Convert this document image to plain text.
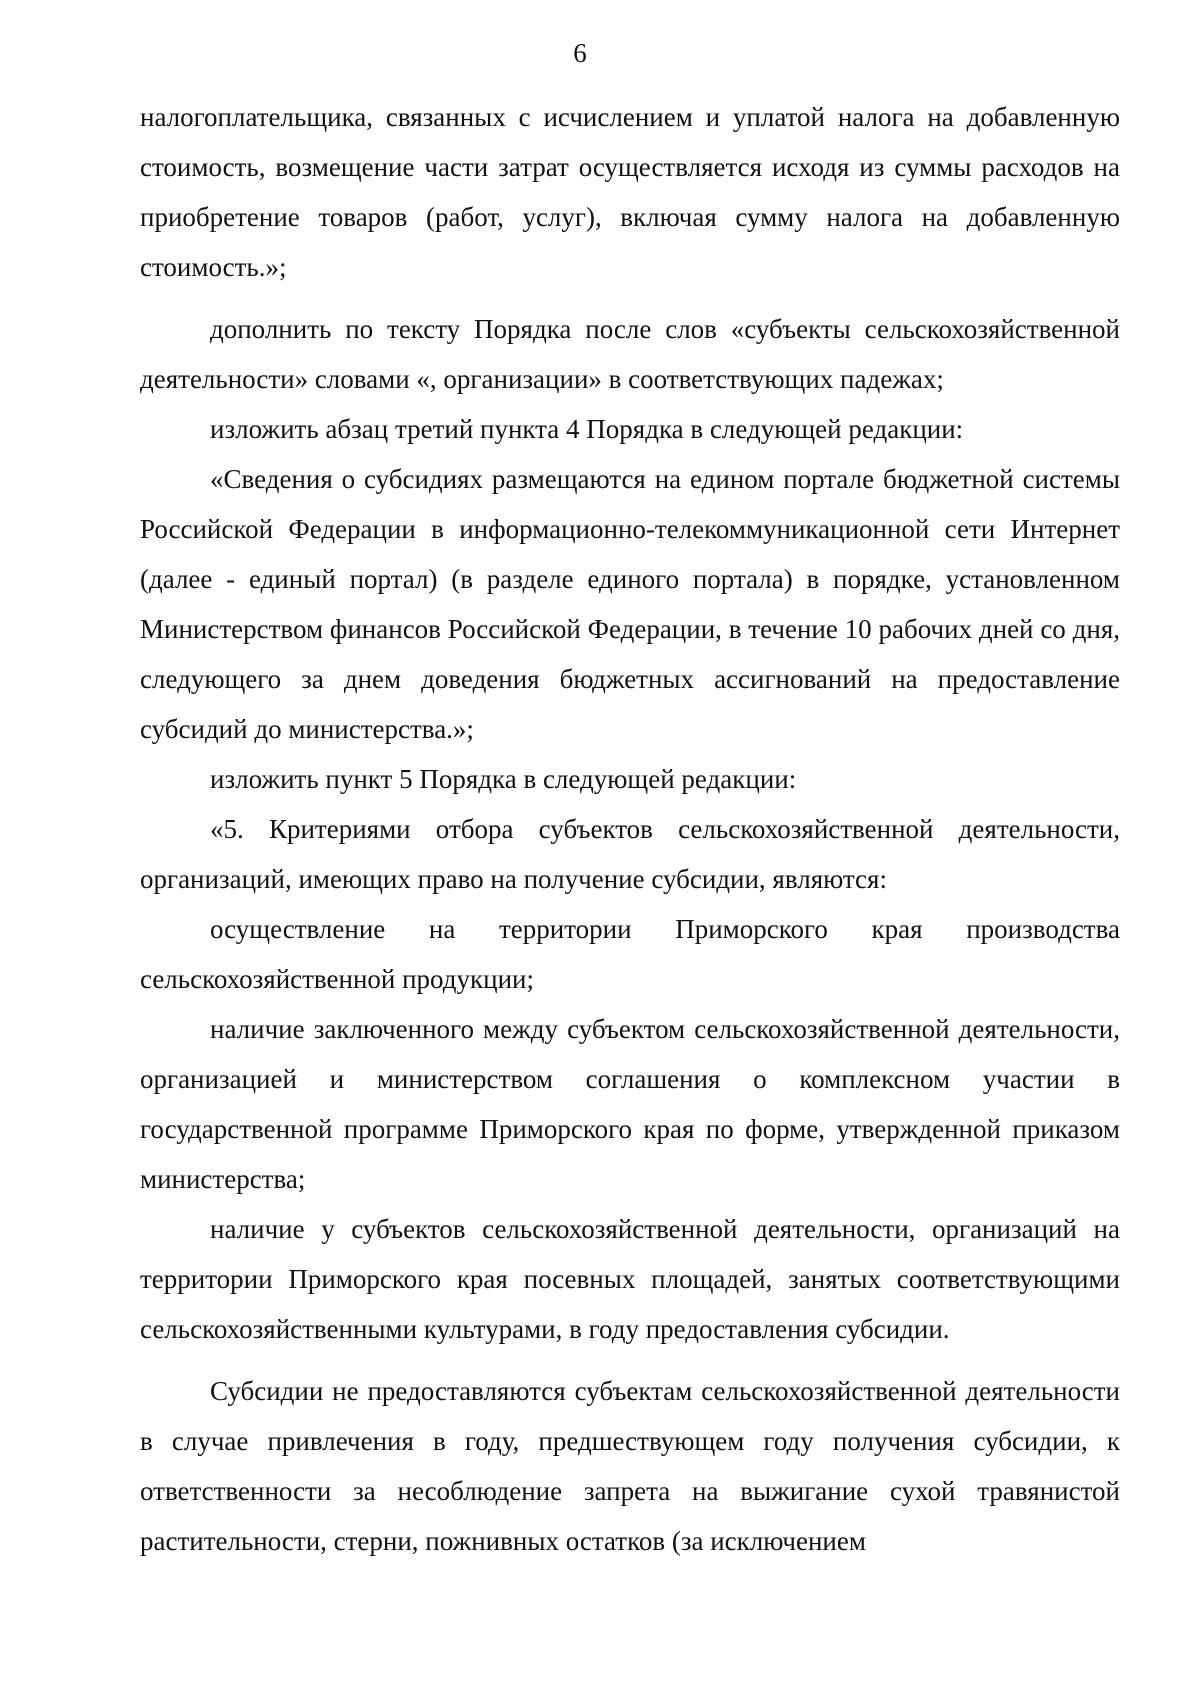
6

налогоплательщика, связанных с исчислением и уплатой налога на добавленную стоимость, возмещение части затрат осуществляется исходя из суммы расходов на приобретение товаров (работ, услуг), включая сумму налога на добавленную стоимость.»;

дополнить по тексту Порядка после слов «субъекты сельскохозяйственной деятельности» словами «, организации» в соответствующих падежах;

изложить абзац третий пункта 4 Порядка в следующей редакции:

«Сведения о субсидиях размещаются на едином портале бюджетной системы Российской Федерации в информационно-телекоммуникационной сети Интернет (далее - единый портал) (в разделе единого портала) в порядке, установленном Министерством финансов Российской Федерации, в течение 10 рабочих дней со дня, следующего за днем доведения бюджетных ассигнований на предоставление субсидий до министерства.»;

изложить пункт 5 Порядка в следующей редакции:

«5. Критериями отбора субъектов сельскохозяйственной деятельности, организаций, имеющих право на получение субсидии, являются:

осуществление на территории Приморского края производства сельскохозяйственной продукции;

наличие заключенного между субъектом сельскохозяйственной деятельности, организацией и министерством соглашения о комплексном участии в государственной программе Приморского края по форме, утвержденной приказом министерства;

наличие у субъектов сельскохозяйственной деятельности, организаций на территории Приморского края посевных площадей, занятых соответствующими сельскохозяйственными культурами, в году предоставления субсидии.

Субсидии не предоставляются субъектам сельскохозяйственной деятельности в случае привлечения в году, предшествующем году получения субсидии, к ответственности за несоблюдение запрета на выжигание сухой травянистой растительности, стерни, пожнивных остатков (за исключением
